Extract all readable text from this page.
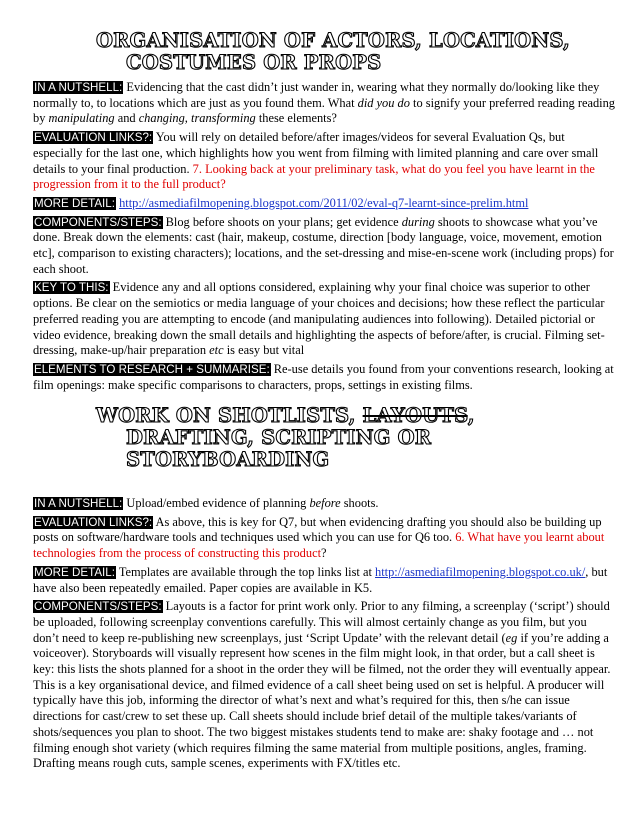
ORGANISATION OF ACTORS, LOCATIONS,
COSTUMES OR PROPS

IN A NUTSHELL: Evidencing that the cast didn’t just wander in, wearing what they normally do/looking like they normally to, to locations which are just as you found them. What did you do to signify your preferred reading reading by manipulating and changing, transforming these elements?

EVALUATION LINKS?: You will rely on detailed before/after images/videos for several Evaluation Qs, but especially for the last one, which highlights how you went from filming with limited planning and care over small details to your final production. 7. Looking back at your preliminary task, what do you feel you have learnt in the progression from it to the full product?

MORE DETAIL: http://asmediafilmopening.blogspot.com/2011/02/eval-q7-learnt-since-prelim.html

COMPONENTS/STEPS: Blog before shoots on your plans; get evidence during shoots to showcase what you’ve done. Break down the elements: cast (hair, makeup, costume, direction [body language, voice, movement, emotion etc], comparison to existing characters); locations, and the set-dressing and mise-en-scene work (including props) for each shoot.

KEY TO THIS: Evidence any and all options considered, explaining why your final choice was superior to other options. Be clear on the semiotics or media language of your choices and decisions; how these reflect the particular preferred reading you are attempting to encode (and manipulating audiences into following). Detailed pictorial or video evidence, breaking down the small details and highlighting the aspects of before/after, is crucial. Filming set-dressing, make-up/hair preparation etc is easy but vital

ELEMENTS TO RESEARCH + SUMMARISE: Re-use details you found from your conventions research, looking at film openings: make specific comparisons to characters, props, settings in existing films.

WORK ON SHOTLISTS, LAYOUTS,
DRAFTING, SCRIPTING OR
STORYBOARDING

IN A NUTSHELL: Upload/embed evidence of planning before shoots.

EVALUATION LINKS?: As above, this is key for Q7, but when evidencing drafting you should also be building up posts on software/hardware tools and techniques used which you can use for Q6 too. 6. What have you learnt about technologies from the process of constructing this product?

MORE DETAIL: Templates are available through the top links list at http://asmediafilmopening.blogspot.co.uk/, but have also been repeatedly emailed. Paper copies are available in K5.

COMPONENTS/STEPS: Layouts is a factor for print work only. Prior to any filming, a screenplay (‘script’) should be uploaded, following screenplay conventions carefully. This will almost certainly change as you film, but you don’t need to keep re-publishing new screenplays, just ‘Script Update’ with the relevant detail (eg if you’re adding a voiceover). Storyboards will visually represent how scenes in the film might look, in that order, but a call sheet is key: this lists the shots planned for a shoot in the order they will be filmed, not the order they will eventually appear. This is a key organisational device, and filmed evidence of a call sheet being used on set is helpful. A producer will typically have this job, informing the director of what’s next and what’s required for this, then s/he can issue directions for cast/crew to set these up. Call sheets should include brief detail of the multiple takes/variants of shots/sequences you plan to shoot. The two biggest mistakes students tend to make are: shaky footage and … not filming enough shot variety (which requires filming the same material from multiple positions, angles, framing. Drafting means rough cuts, sample scenes, experiments with FX/titles etc.
